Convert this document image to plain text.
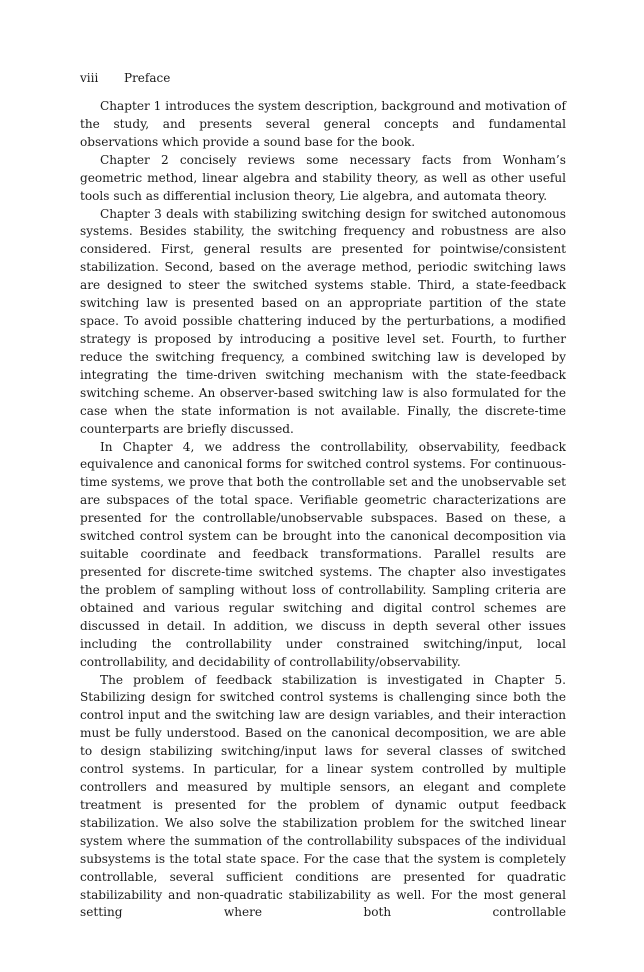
viii Preface

Chapter 1 introduces the system description, background and motivation of the study, and presents several general concepts and fundamental observations which provide a sound base for the book.

Chapter 2 concisely reviews some necessary facts from Wonham’s geometric method, linear algebra and stability theory, as well as other useful tools such as differential inclusion theory, Lie algebra, and automata theory.

Chapter 3 deals with stabilizing switching design for switched autonomous systems. Besides stability, the switching frequency and robustness are also considered. First, general results are presented for pointwise/consistent stabilization. Second, based on the average method, periodic switching laws are designed to steer the switched systems stable. Third, a state-feedback switching law is presented based on an appropriate partition of the state space. To avoid possible chattering induced by the perturbations, a modified strategy is proposed by introducing a positive level set. Fourth, to further reduce the switching frequency, a combined switching law is developed by integrating the time-driven switching mechanism with the state-feedback switching scheme. An observer-based switching law is also formulated for the case when the state information is not available. Finally, the discrete-time counterparts are briefly discussed.

In Chapter 4, we address the controllability, observability, feedback equivalence and canonical forms for switched control systems. For continuous-time systems, we prove that both the controllable set and the unobservable set are subspaces of the total space. Verifiable geometric characterizations are presented for the controllable/unobservable subspaces. Based on these, a switched control system can be brought into the canonical decomposition via suitable coordinate and feedback transformations. Parallel results are presented for discrete-time switched systems. The chapter also investigates the problem of sampling without loss of controllability. Sampling criteria are obtained and various regular switching and digital control schemes are discussed in detail. In addition, we discuss in depth several other issues including the controllability under constrained switching/input, local controllability, and decidability of controllability/observability.

The problem of feedback stabilization is investigated in Chapter 5. Stabilizing design for switched control systems is challenging since both the control input and the switching law are design variables, and their interaction must be fully understood. Based on the canonical decomposition, we are able to design stabilizing switching/input laws for several classes of switched control systems. In particular, for a linear system controlled by multiple controllers and measured by multiple sensors, an elegant and complete treatment is presented for the problem of dynamic output feedback stabilization. We also solve the stabilization problem for the switched linear system where the summation of the controllability subspaces of the individual subsystems is the total state space. For the case that the system is completely controllable, several sufficient conditions are presented for quadratic stabilizability and non-quadratic stabilizability as well. For the most general setting where both controllable
